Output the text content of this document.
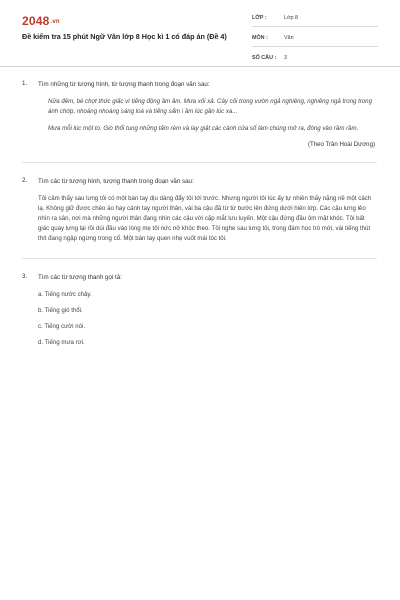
2048.vn
Đề kiểm tra 15 phút Ngữ Văn lớp 8 Học kì 1 có đáp án (Đề 4)
LỚP :	Lớp 8
MÔN :	Văn
SỐ CÂU : 3
1. Tìm những từ tượng hình, từ tượng thanh trong đoạn văn sau:
Nửa đêm, bé chợt thức giấc vì tiếng động ầm ầm. Mưa xối xả. Cây cối trong vườn ngả nghiêng, nghiêng ngả trong trong ánh chớp, nhoáng nhoáng sáng loà và tiếng sấm i ầm lúc gần lúc xa...
Mưa mỗi lúc một to. Gió thổi tung những tấm rèm và lay giật các cánh cửa sổ làm chúng mở ra, đóng vào rầm rầm.
(Theo Trần Hoài Dương)
2. Tìm các từ tượng hình, tượng thanh trong đoạn văn sau:
Tôi cảm thấy sau lưng tôi có một bàn tay dịu dàng đẩy tôi tới trước. Nhưng người tôi lúc ấy tự nhiên thấy nặng nề một cách lạ. Không giữ được chéo áo hay cánh tay người thân, vài ba cậu đã từ từ bước lên đứng dưới hiên lớp. Các cậu lưng lẻo nhìn ra sân, nơi mà những người thân đang nhìn các cậu với cặp mắt lưu luyến. Một cậu đứng đầu ôm mặt khóc. Tôi bất giác quay lưng lại rồi dúi đầu vào lòng mẹ tôi nức nở khóc theo. Tôi nghe sau lưng tôi, trong đám học trò mới, vài tiếng thút thít đang ngập ngừng trong cổ. Một bàn tay quen nhẹ vuốt mái tóc tôi.
3. Tìm các từ tượng thanh gọi tả:
a. Tiếng nước chảy.
b. Tiếng gió thổi.
c. Tiếng cười nói.
d. Tiếng mưa rơi.
